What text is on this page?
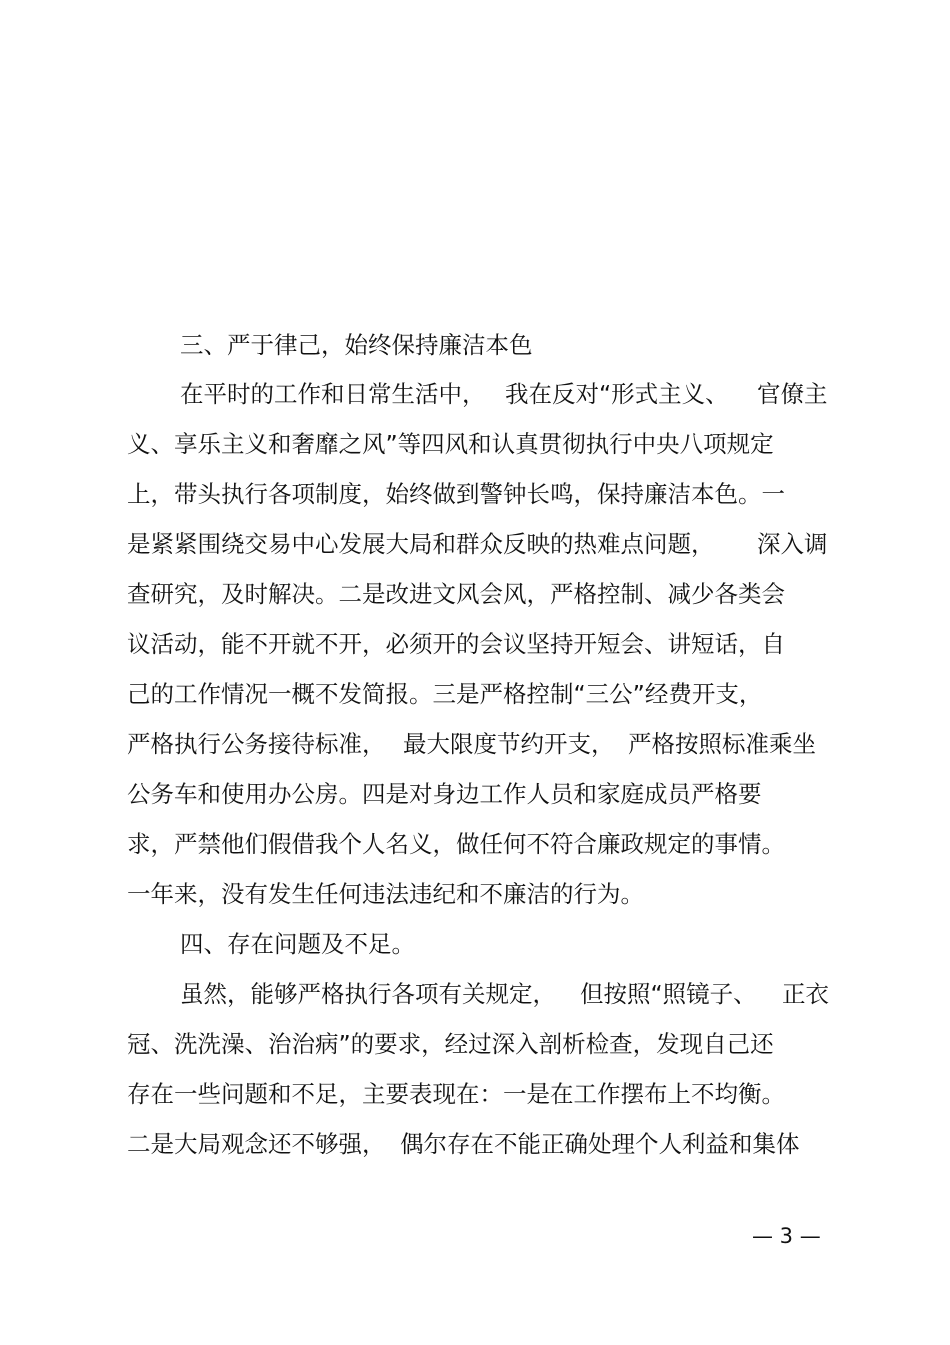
三、严于律己，始终保持廉洁本色

在平时的工作和日常生活中，

我在反对“形式主义、

官僚主

义、享乐主义和奢靡之风”等四风和认真贯彻执行中央八项规定

上，带头执行各项制度，始终做到警钟长鸣，保持廉洁本色。一

是紧紧围绕交易中心发展大局和群众反映的热难点问题，

深入调

查研究，及时解决。二是改进文风会风，严格控制、减少各类会

议活动，能不开就不开，必须开的会议坚持开短会、讲短话，自

己的工作情况一概不发简报。三是严格控制“三公”经费开支，

严格执行公务接待标准，

最大限度节约开支，

严格按照标准乘坐

公务车和使用办公房。四是对身边工作人员和家庭成员严格要

求，严禁他们假借我个人名义，做任何不符合廉政规定的事情。

一年来，没有发生任何违法违纪和不廉洁的行为。

四、存在问题及不足。

虽然，能够严格执行各项有关规定，

但按照“照镜子、

正衣

冠、洗洗澡、治治病”的要求，经过深入剖析检查，发现自己还

存在一些问题和不足，主要表现在：一是在工作摆布上不均衡。

二是大局观念还不够强，

偶尔存在不能正确处理个人利益和集体

— 3 —
